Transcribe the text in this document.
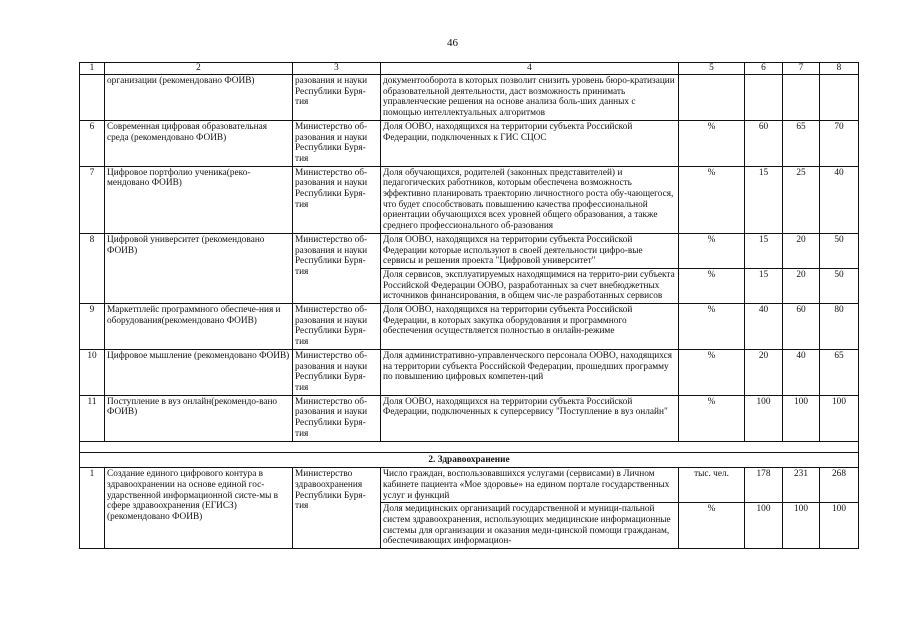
46
1	2	3	4	5	6	7	8
	организации (рекомендовано ФОИВ)	разования и науки Республики Буря-тия	документооборота в которых позволит снизить уровень бюро-кратизации образовательной деятельности, даст возможность принимать управленческие решения на основе анализа боль-ших данных с помощью интеллектуальных алгоритмов				
6	Современная цифровая образовательная среда (рекомендовано ФОИВ)	Министерство об-разования и науки Республики Буря-тия	Доля ООВО, находящихся на территории субъекта Российской Федерации, подключенных к ГИС СЦОС	%	60	65	70
7	Цифровое портфолио ученика(реко-мендовано ФОИВ)	Министерство об-разования и науки Республики Буря-тия	Доля обучающихся, родителей (законных представителей) и педагогических работников, которым обеспечена возможность эффективно планировать траекторию личностного роста обу-чающегося, что будет способствовать повышению качества профессиональной ориентации обучающихся всех уровней общего образования, а также среднего профессионального об-разования	%	15	25	40
8	Цифровой университет (рекомендовано ФОИВ)	Министерство об-разования и науки Республики Буря-тия	Доля ООВО, находящихся на территории субъекта Российской Федерации которые используют в своей деятельности цифро-вые сервисы и решения проекта "Цифровой университет"	%	15	20	50
			Доля сервисов, эксплуатируемых находящимися на террито-рии субъекта Российской Федерации ООВО, разработанных за счет внебюджетных источников финансирования, в общем чис-ле разработанных сервисов	%	15	20	50
9	Маркетплейс программного обеспече-ния и оборудования(рекомендовано ФОИВ)	Министерство об-разования и науки Республики Буря-тия	Доля ООВО, находящихся на территории субъекта Российской Федерации, в которых закупка оборудования и программного обеспечения осуществляется полностью в онлайн-режиме	%	40	60	80
10	Цифровое мышление (рекомендовано ФОИВ)	Министерство об-разования и науки Республики Буря-тия	Доля административно-управленческого персонала ООВО, находящихся на территории субъекта Российской Федерации, прошедших программу по повышению цифровых компетен-ций	%	20	40	65
11	Поступление в вуз онлайн(рекомендо-вано ФОИВ)	Министерство об-разования и науки Республики Буря-тия	Доля ООВО, находящихся на территории субъекта Российской Федерации, подключенных к суперсервису "Поступление в вуз онлайн"	%	100	100	100

2. Здравоохранение							
1	Создание единого цифрового контура в здравоохранении на основе единой гос-ударственной информационной систе-мы в сфере здравоохранения (ЕГИСЗ) (рекомендовано ФОИВ)	Министерство здравоохранения Республики Буря-тия	Число граждан, воспользовавшихся услугами (сервисами) в Личном кабинете пациента «Мое здоровье» на едином портале государственных услуг и функций	тыс. чел.	178	231	268
			Доля медицинских организаций государственной и муници-пальной систем здравоохранения, использующих медицинские информационные системы для организации и оказания меди-цинской помощи гражданам, обеспечивающих информацион-	%	100	100	100
